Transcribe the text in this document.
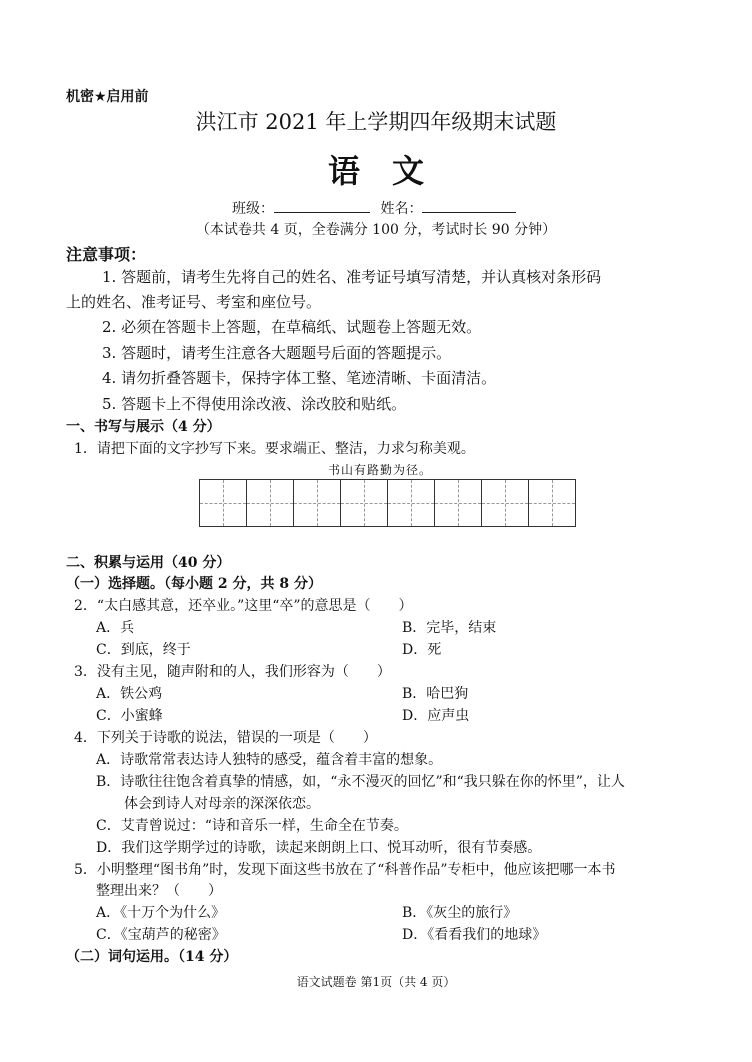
机密★启用前
洪江市 2021 年上学期四年级期末试题
语　文
班级：	姓名：
（本试卷共 4 页，全卷满分 100 分，考试时长 90 分钟）
注意事项：
1. 答题前，请考生先将自己的姓名、准考证号填写清楚，并认真核对条形码
上的姓名、准考证号、考室和座位号。
2. 必须在答题卡上答题，在草稿纸、试题卷上答题无效。
3. 答题时，请考生注意各大题题号后面的答题提示。
4. 请勿折叠答题卡，保持字体工整、笔迹清晰、卡面清洁。
5. 答题卡上不得使用涂改液、涂改胶和贴纸。
一、书写与展示（4 分）
1．请把下面的文字抄写下来。要求端正、整洁，力求匀称美观。
书山有路勤为径。
二、积累与运用（40 分）
（一）选择题。（每小题 2 分，共 8 分）
2．“太白感其意，还卒业。”这里“卒”的意思是（　　）
A．兵	B．完毕，结束
C．到底，终于	D．死
3．没有主见，随声附和的人，我们形容为（　　）
A．铁公鸡	B．哈巴狗
C．小蜜蜂	D．应声虫
4．下列关于诗歌的说法，错误的一项是（　　）
A．诗歌常常表达诗人独特的感受，蕴含着丰富的想象。
B．诗歌往往饱含着真挚的情感，如，“永不漫灭的回忆”和“我只躲在你的怀里”，让人
体会到诗人对母亲的深深依恋。
C．艾青曾说过：“诗和音乐一样，生命全在节奏。
D．我们这学期学过的诗歌，读起来朗朗上口、悦耳动听，很有节奏感。
5．小明整理“图书角”时，发现下面这些书放在了“科普作品”专柜中，他应该把哪一本书
整理出来？（　　）
A．《十万个为什么》	B．《灰尘的旅行》
C．《宝葫芦的秘密》	D．《看看我们的地球》
（二）词句运用。（14 分）
语文试题卷 第1页（共 4 页）
